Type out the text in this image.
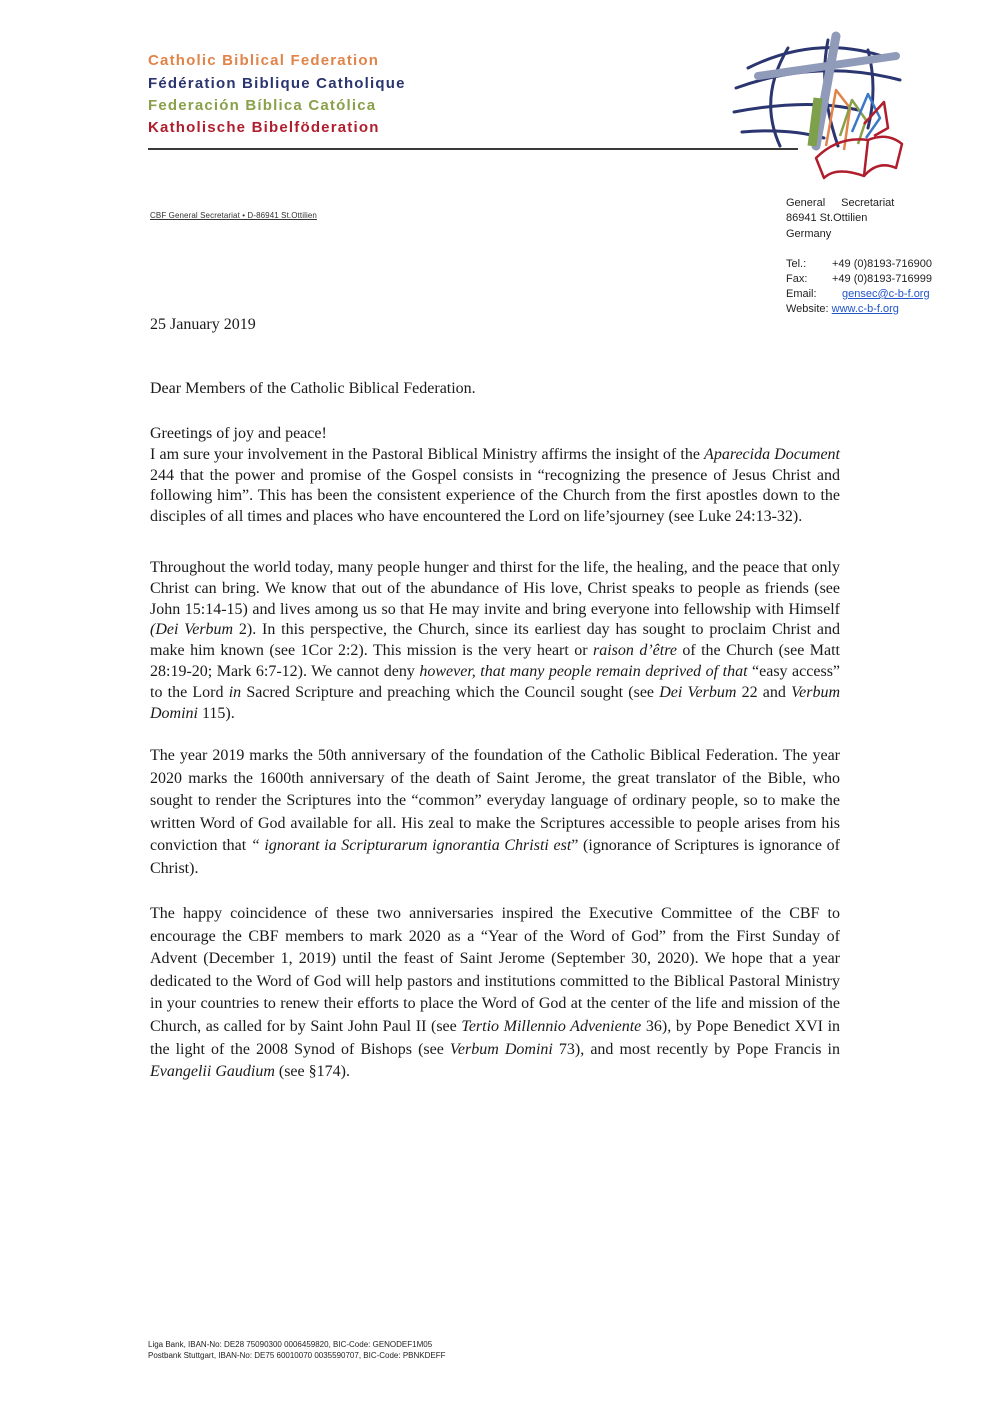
Catholic Biblical Federation
Fédération Biblique Catholique
Federación Bíblica Católica
Katholische Bibelföderation
CBF General Secretariat • D-86941 St.Ottilien
General Secretariat
86941 St.Ottilien
Germany
Tel.: +49 (0)8193-716900
Fax: +49 (0)8193-716999
Email: gensec@c-b-f.org
Website: www.c-b-f.org
25 January 2019
Dear Members of the Catholic Biblical Federation.

Greetings of joy and peace!

I am sure your involvement in the Pastoral Biblical Ministry affirms the insight of the Aparecida Document 244 that the power and promise of the Gospel consists in “recognizing the presence of Jesus Christ and following him”. This has been the consistent experience of the Church from the first apostles down to the disciples of all times and places who have encountered the Lord on life’sjourney (see Luke 24:13-32).

Throughout the world today, many people hunger and thirst for the life, the healing, and the peace that only Christ can bring. We know that out of the abundance of His love, Christ speaks to people as friends (see John 15:14-15) and lives among us so that He may invite and bring everyone into fellowship with Himself (Dei Verbum 2). In this perspective, the Church, since its earliest day has sought to proclaim Christ and make him known (see 1Cor 2:2). This mission is the very heart or raison d’être of the Church (see Matt 28:19-20; Mark 6:7-12). We cannot deny however, that many people remain deprived of that “easy access” to the Lord in Sacred Scripture and preaching which the Council sought (see Dei Verbum 22 and Verbum Domini 115).

The year 2019 marks the 50th anniversary of the foundation of the Catholic Biblical Federation. The year 2020 marks the 1600th anniversary of the death of Saint Jerome, the great translator of the Bible, who sought to render the Scriptures into the “common” everyday language of ordinary people, so to make the written Word of God available for all. His zeal to make the Scriptures accessible to people arises from his conviction that “ ignorant ia Scripturarum ignorantia Christi est” (ignorance of Scriptures is ignorance of Christ).

The happy coincidence of these two anniversaries inspired the Executive Committee of the CBF to encourage the CBF members to mark 2020 as a “Year of the Word of God” from the First Sunday of Advent (December 1, 2019) until the feast of Saint Jerome (September 30, 2020). We hope that a year dedicated to the Word of God will help pastors and institutions committed to the Biblical Pastoral Ministry in your countries to renew their efforts to place the Word of God at the center of the life and mission of the Church, as called for by Saint John Paul II (see Tertio Millennio Adveniente 36), by Pope Benedict XVI in the light of the 2008 Synod of Bishops (see Verbum Domini 73), and most recently by Pope Francis in Evangelii Gaudium (see §174).

Liga Bank, IBAN-No: DE28 75090300 0006459820, BIC-Code: GENODEF1M05
Postbank Stuttgart, IBAN-No: DE75 60010070 0035590707, BIC-Code: PBNKDEFF
